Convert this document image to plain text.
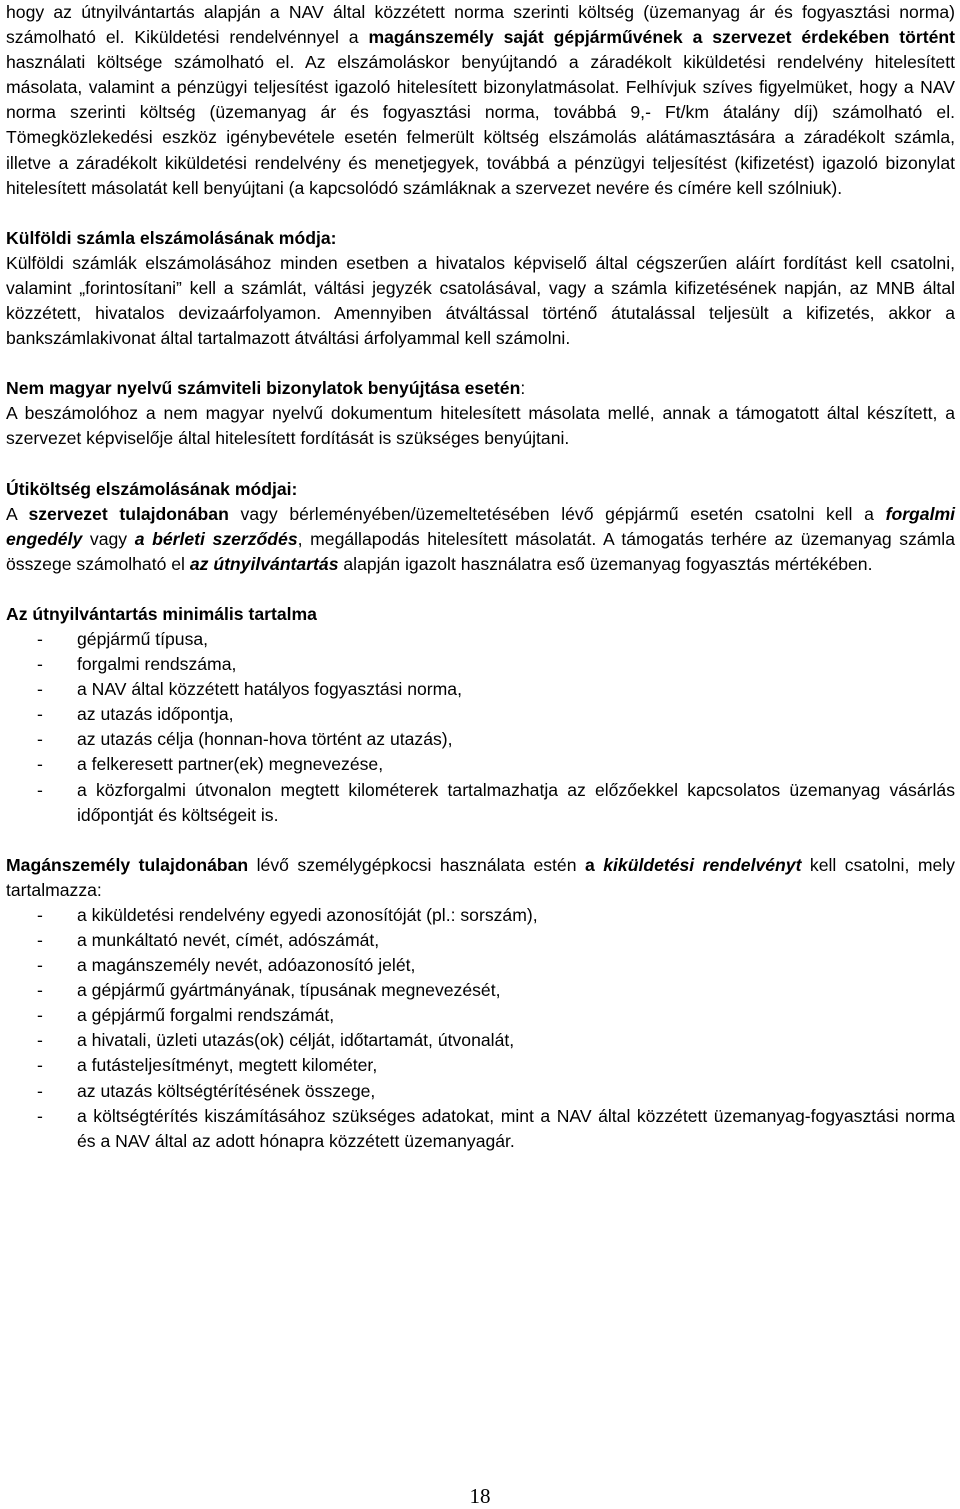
hogy az útnyilvántartás alapján a NAV által közzétett norma szerinti költség (üzemanyag ár és fogyasztási norma) számolható el. Kiküldetési rendelvénnyel a magánszemély saját gépjárművének a szervezet érdekében történt használati költsége számolható el. Az elszámoláskor benyújtandó a záradékolt kiküldetési rendelvény hitelesített másolata, valamint a pénzügyi teljesítést igazoló hitelesített bizonylatmásolat. Felhívjuk szíves figyelmüket, hogy a NAV norma szerinti költség (üzemanyag ár és fogyasztási norma, továbbá 9,- Ft/km átalány díj) számolható el. Tömegközlekedési eszköz igénybevétele esetén felmerült költség elszámolás alátámasztására a záradékolt számla, illetve a záradékolt kiküldetési rendelvény és menetjegyek, továbbá a pénzügyi teljesítést (kifizetést) igazoló bizonylat hitelesített másolatát kell benyújtani (a kapcsolódó számláknak a szervezet nevére és címére kell szólniuk).

Külföldi számla elszámolásának módja:
Külföldi számlák elszámolásához minden esetben a hivatalos képviselő által cégszerűen aláírt fordítást kell csatolni, valamint „forintosítani” kell a számlát, váltási jegyzék csatolásával, vagy a számla kifizetésének napján, az MNB által közzétett, hivatalos devizaárfolyamon. Amennyiben átváltással történő átutalással teljesült a kifizetés, akkor a bankszámlakivonat által tartalmazott átváltási árfolyammal kell számolni.

Nem magyar nyelvű számviteli bizonylatok benyújtása esetén:
A beszámolóhoz a nem magyar nyelvű dokumentum hitelesített másolata mellé, annak a támogatott által készített, a szervezet képviselője által hitelesített fordítását is szükséges benyújtani.

Útiköltség elszámolásának módjai:
A szervezet tulajdonában vagy bérleményében/üzemeltetésében lévő gépjármű esetén csatolni kell a forgalmi engedély vagy a bérleti szerződés, megállapodás hitelesített másolatát. A támogatás terhére az üzemanyag számla összege számolható el az útnyilvántartás alapján igazolt használatra eső üzemanyag fogyasztás mértékében.

Az útnyilvántartás minimális tartalma
- gépjármű típusa,
- forgalmi rendszáma,
- a NAV által közzétett hatályos fogyasztási norma,
- az utazás időpontja,
- az utazás célja (honnan-hova történt az utazás),
- a felkeresett partner(ek) megnevezése,
- a közforgalmi útvonalon megtett kilométerek tartalmazhatja az előzőekkel kapcsolatos üzemanyag vásárlás időpontját és költségeit is.

Magánszemély tulajdonában lévő személygépkocsi használata estén a kiküldetési rendelvényt kell csatolni, mely tartalmazza:

- a kiküldetési rendelvény egyedi azonosítóját (pl.: sorszám),
- a munkáltató nevét, címét, adószámát,
- a magánszemély nevét, adóazonosító jelét,
- a gépjármű gyártmányának, típusának megnevezését,
- a gépjármű forgalmi rendszámát,
- a hivatali, üzleti utazás(ok) célját, időtartamát, útvonalát,
- a futásteljesítményt, megtett kilométer,
- az utazás költségtérítésének összege,
- a költségtérítés kiszámításához szükséges adatokat, mint a NAV által közzétett üzemanyag-fogyasztási norma és a NAV által az adott hónapra közzétett üzemanyagár.
18
